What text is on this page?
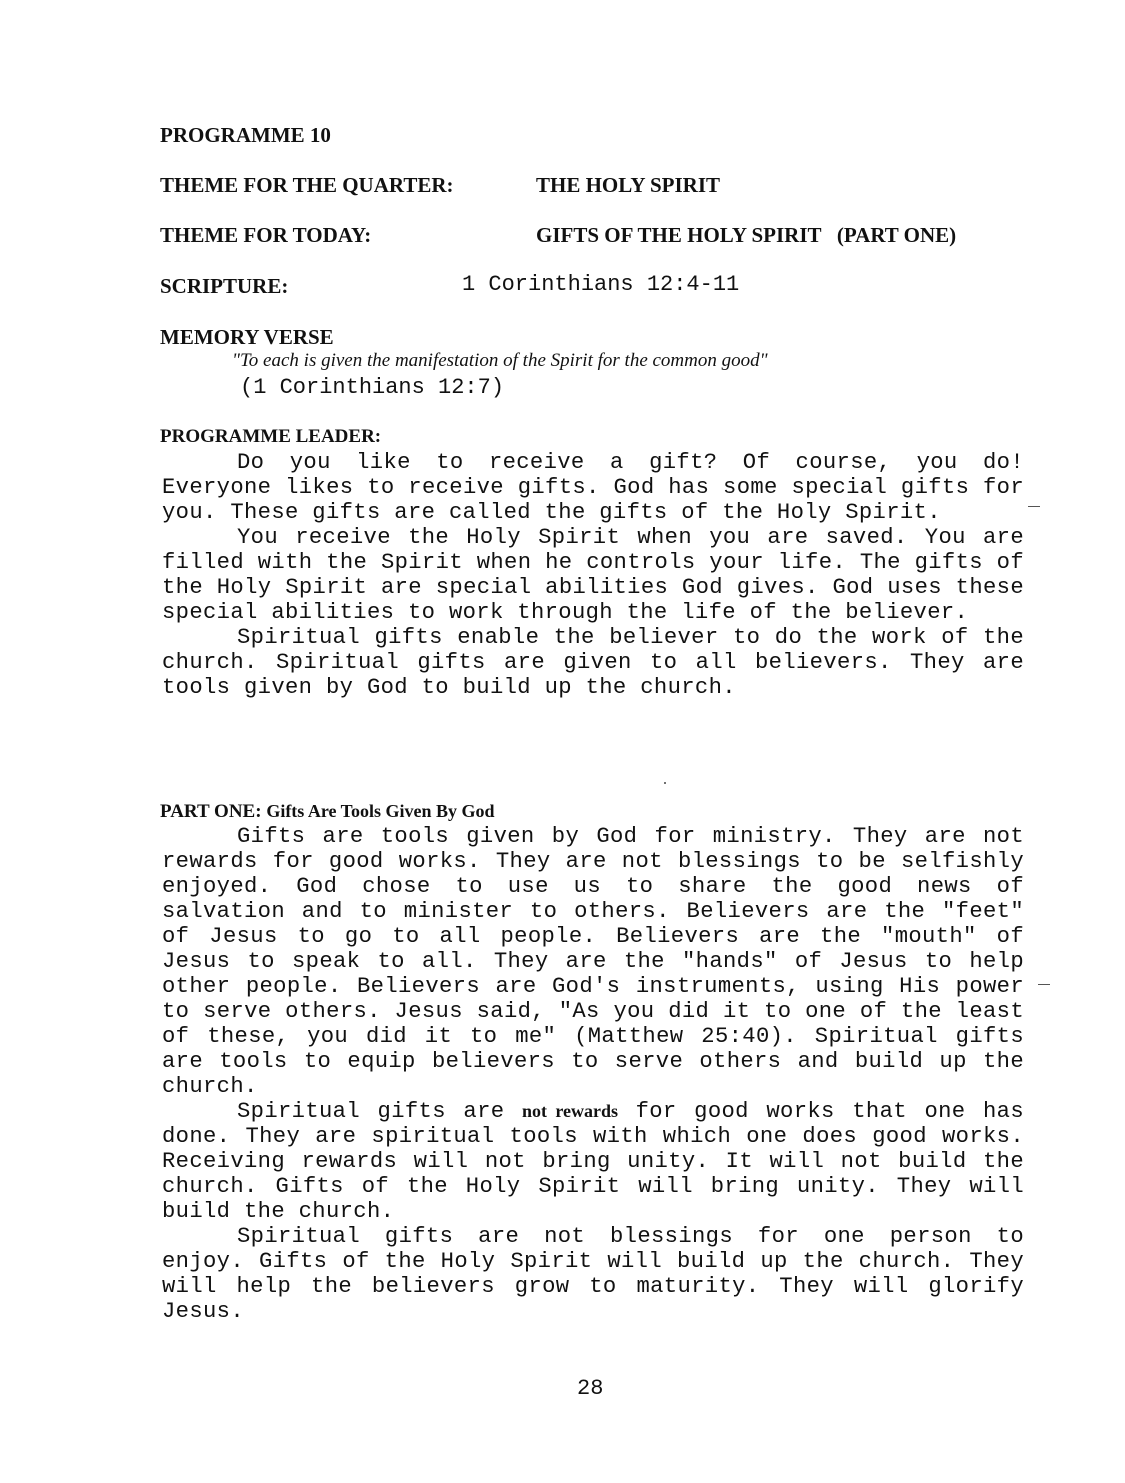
PROGRAMME 10
THEME FOR THE QUARTER:	THE HOLY SPIRIT
THEME FOR TODAY:	GIFTS OF THE HOLY SPIRIT   (PART ONE)
SCRIPTURE:	1 Corinthians 12:4-11
MEMORY VERSE
"To each is given the manifestation of the Spirit for the common good"
(1 Corinthians 12:7)
PROGRAMME LEADER:

Do you like to receive a gift? Of course, you do! Everyone likes to receive gifts. God has some special gifts for you. These gifts are called the gifts of the Holy Spirit.

You receive the Holy Spirit when you are saved. You are filled with the Spirit when he controls your life. The gifts of the Holy Spirit are special abilities God gives. God uses these special abilities to work through the life of the believer.

Spiritual gifts enable the believer to do the work of the church. Spiritual gifts are given to all believers. They are tools given by God to build up the church.

PART ONE: Gifts Are Tools Given By God

Gifts are tools given by God for ministry. They are not rewards for good works. They are not blessings to be selfishly enjoyed. God chose to use us to share the good news of salvation and to minister to others. Believers are the "feet" of Jesus to go to all people. Believers are the "mouth" of Jesus to speak to all. They are the "hands" of Jesus to help other people. Believers are God's instruments, using His power to serve others. Jesus said, "As you did it to one of the least of these, you did it to me" (Matthew 25:40). Spiritual gifts are tools to equip believers to serve others and build up the church.

Spiritual gifts are not rewards for good works that one has done. They are spiritual tools with which one does good works. Receiving rewards will not bring unity. It will not build the church. Gifts of the Holy Spirit will bring unity. They will build the church.

Spiritual gifts are not blessings for one person to enjoy. Gifts of the Holy Spirit will build up the church. They will help the believers grow to maturity. They will glorify Jesus.

28
